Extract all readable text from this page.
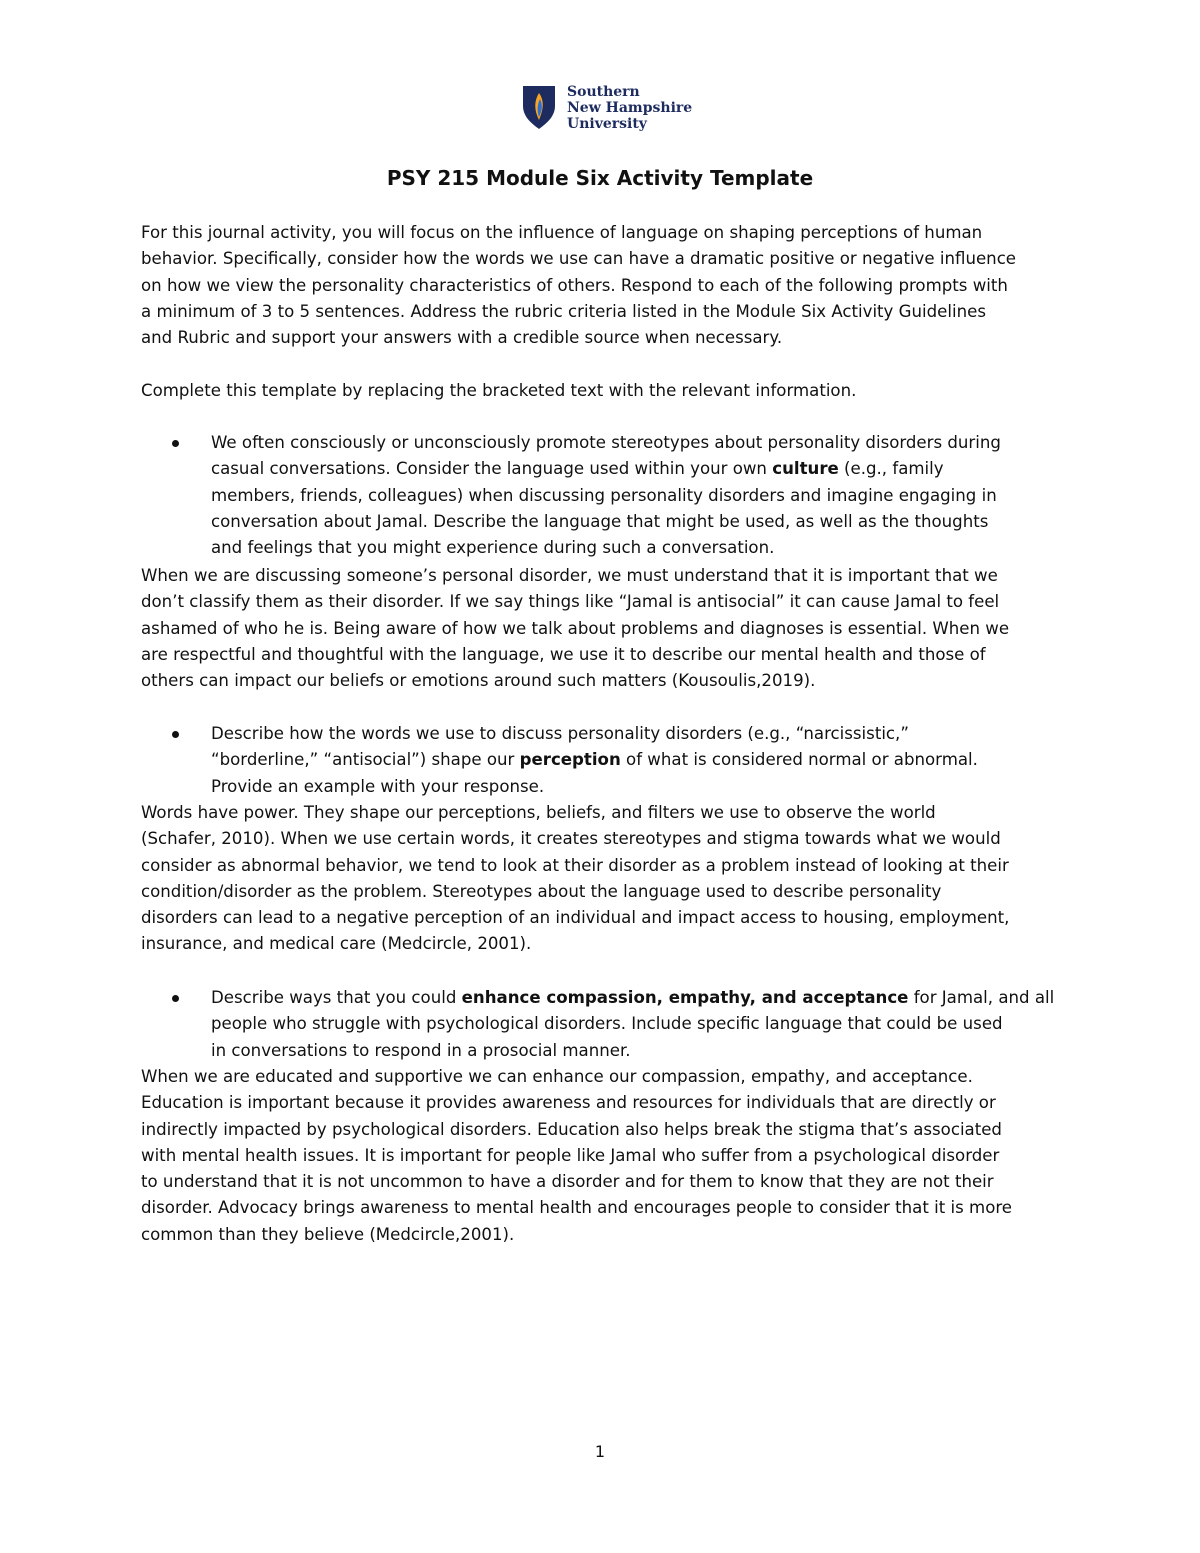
Southern
New Hampshire
University
PSY 215 Module Six Activity Template
For this journal activity, you will focus on the influence of language on shaping perceptions of human
behavior. Specifically, consider how the words we use can have a dramatic positive or negative influence
on how we view the personality characteristics of others. Respond to each of the following prompts with
a minimum of 3 to 5 sentences. Address the rubric criteria listed in the Module Six Activity Guidelines
and Rubric and support your answers with a credible source when necessary.
Complete this template by replacing the bracketed text with the relevant information.
We often consciously or unconsciously promote stereotypes about personality disorders during
casual conversations. Consider the language used within your own culture (e.g., family
members, friends, colleagues) when discussing personality disorders and imagine engaging in
conversation about Jamal. Describe the language that might be used, as well as the thoughts
and feelings that you might experience during such a conversation.
When we are discussing someone’s personal disorder, we must understand that it is important that we
don’t classify them as their disorder. If we say things like “Jamal is antisocial” it can cause Jamal to feel
ashamed of who he is. Being aware of how we talk about problems and diagnoses is essential. When we
are respectful and thoughtful with the language, we use it to describe our mental health and those of
others can impact our beliefs or emotions around such matters (Kousoulis,2019).
Describe how the words we use to discuss personality disorders (e.g., “narcissistic,”
“borderline,” “antisocial”) shape our perception of what is considered normal or abnormal.
Provide an example with your response.
Words have power. They shape our perceptions, beliefs, and filters we use to observe the world
(Schafer, 2010). When we use certain words, it creates stereotypes and stigma towards what we would
consider as abnormal behavior, we tend to look at their disorder as a problem instead of looking at their
condition/disorder as the problem. Stereotypes about the language used to describe personality
disorders can lead to a negative perception of an individual and impact access to housing, employment,
insurance, and medical care (Medcircle, 2001).
Describe ways that you could enhance compassion, empathy, and acceptance for Jamal, and all
people who struggle with psychological disorders. Include specific language that could be used
in conversations to respond in a prosocial manner.
When we are educated and supportive we can enhance our compassion, empathy, and acceptance.
Education is important because it provides awareness and resources for individuals that are directly or
indirectly impacted by psychological disorders. Education also helps break the stigma that’s associated
with mental health issues. It is important for people like Jamal who suffer from a psychological disorder
to understand that it is not uncommon to have a disorder and for them to know that they are not their
disorder. Advocacy brings awareness to mental health and encourages people to consider that it is more
common than they believe (Medcircle,2001).
1
